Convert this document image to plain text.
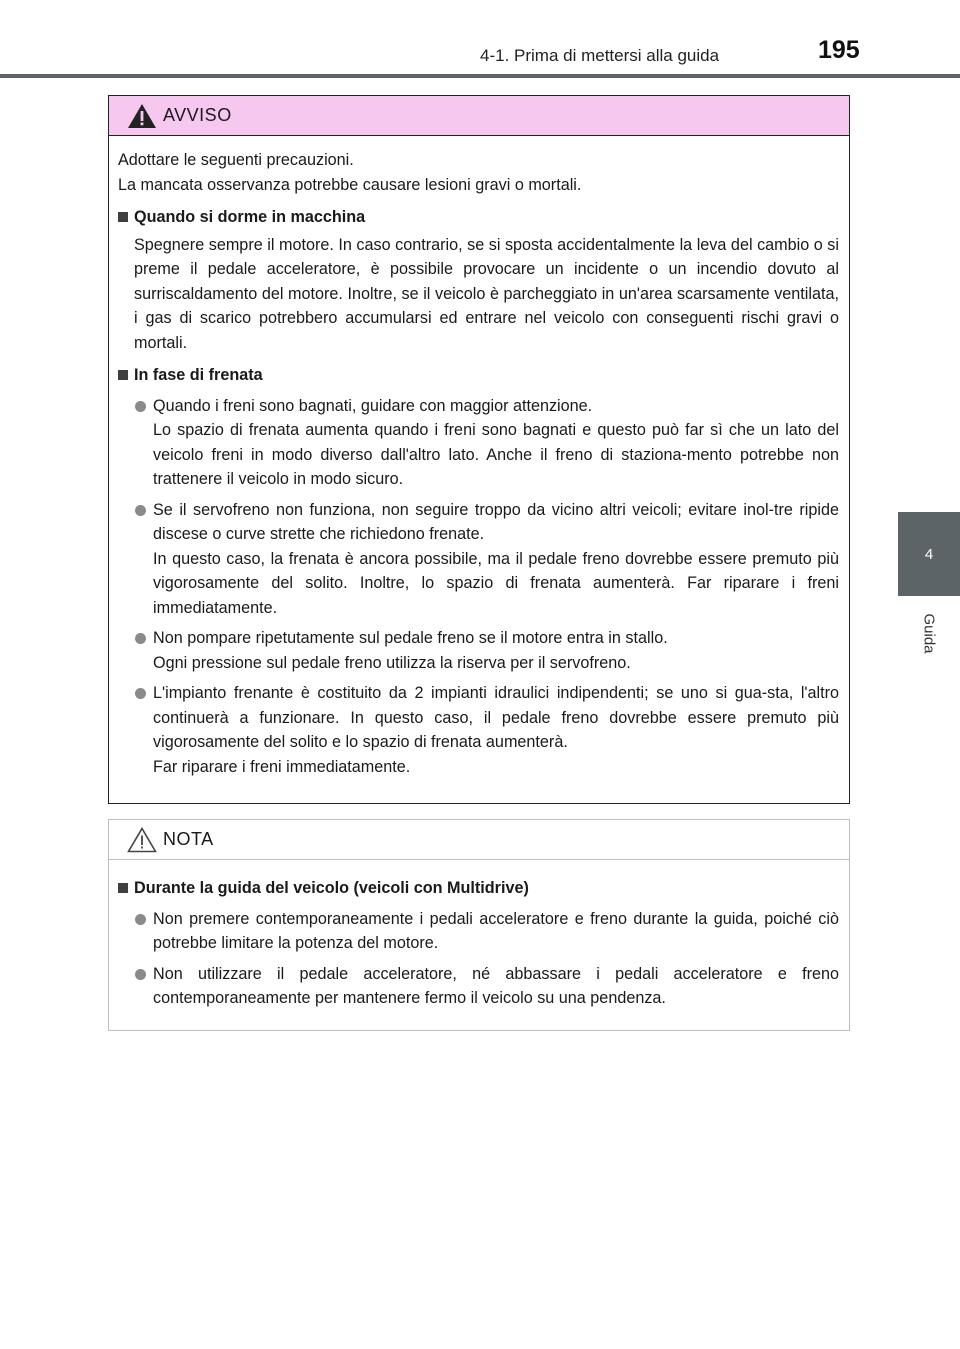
4-1. Prima di mettersi alla guida	195
4
Guida
AVVISO

Adottare le seguenti precauzioni.

La mancata osservanza potrebbe causare lesioni gravi o mortali.

Quando si dorme in macchina
Spegnere sempre il motore. In caso contrario, se si sposta accidentalmente la leva del cambio o si preme il pedale acceleratore, è possibile provocare un incidente o un incendio dovuto al surriscaldamento del motore. Inoltre, se il veicolo è parcheggiato in un'area scarsamente ventilata, i gas di scarico potrebbero accumularsi ed entrare nel veicolo con conseguenti rischi gravi o mortali.
In fase di frenata

Quando i freni sono bagnati, guidare con maggior attenzione.

Lo spazio di frenata aumenta quando i freni sono bagnati e questo può far sì che un lato del veicolo freni in modo diverso dall'altro lato. Anche il freno di staziona-mento potrebbe non trattenere il veicolo in modo sicuro.

Se il servofreno non funziona, non seguire troppo da vicino altri veicoli; evitare inol-tre ripide discese o curve strette che richiedono frenate.

In questo caso, la frenata è ancora possibile, ma il pedale freno dovrebbe essere premuto più vigorosamente del solito. Inoltre, lo spazio di frenata aumenterà. Far riparare i freni immediatamente.

Non pompare ripetutamente sul pedale freno se il motore entra in stallo.

Ogni pressione sul pedale freno utilizza la riserva per il servofreno.

L'impianto frenante è costituito da 2 impianti idraulici indipendenti; se uno si gua-sta, l'altro continuerà a funzionare. In questo caso, il pedale freno dovrebbe essere premuto più vigorosamente del solito e lo spazio di frenata aumenterà.

Far riparare i freni immediatamente.

NOTA
Durante la guida del veicolo (veicoli con Multidrive)
Non premere contemporaneamente i pedali acceleratore e freno durante la guida, poiché ciò potrebbe limitare la potenza del motore.
Non utilizzare il pedale acceleratore, né abbassare i pedali acceleratore e freno contemporaneamente per mantenere fermo il veicolo su una pendenza.
